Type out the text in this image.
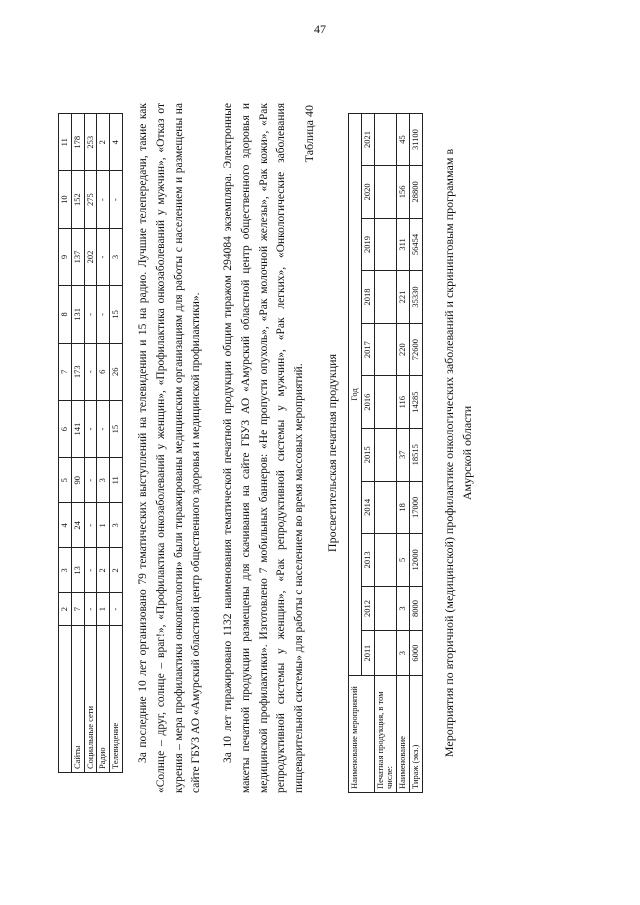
47
	2	3	4	5	6	7	8	9	10	11
Сайты	7	13	24	90	141	173	131	137	152	178
Социальные сети	-	-	-	-	-	-	-	202	275	253
Радио	1	2	1	3	-	6	-	-	-	2
Телевидение	-	2	3	11	15	26	15	3	-	4 За последние 10 лет организовано 79 тематических выступлений на телевидении и 15 на радио. Лучшие телепередачи, такие как «Солнце – друг, солнце – враг!», «Профилактика онкозаболеваний у женщин», «Профилактика онкозаболеваний у мужчин», «Отказ от курения – мера профилактики онкопатологии» были тиражированы медицинским организациям для работы с населением и размещены на сайте ГБУЗ АО «Амурский областной центр общественного здоровья и медицинской профилактики».	За 10 лет тиражировано 1132 наименования тематической печатной продукции общим тиражом 294084 экземпляра. Электронные макеты печатной продукции размещены для скачивания на сайте ГБУЗ АО «Амурский областной центр общественного здоровья и медицинской профилактики». Изготовлено 7 мобильных баннеров: «Не пропусти опухоль», «Рак молочной железы», «Рак кожи», «Рак репродуктивной системы у женщин», «Рак репродуктивной системы у мужчин», «Рак легких», «Онкологические заболевания пищеварительной системы» для работы с населением во время массовых мероприятий.

Таблица 40
Просветительская печатная продукция
Наименование мероприятий	Год										
	2011	2012	2013	2014	2015	2016	2017	2018	2019	2020	2021
Печатная продукция, в том числе:											
Наименование	3	3	5	18	37	116	220	221	311	156	45
Тираж (экз.)	6000	8000	12000	17000	18515	14285	72600	35330	56454	28800	31100
Мероприятия по вторичной (медицинской) профилактике онкологических заболеваний и скрининговым программам в Амурской области
